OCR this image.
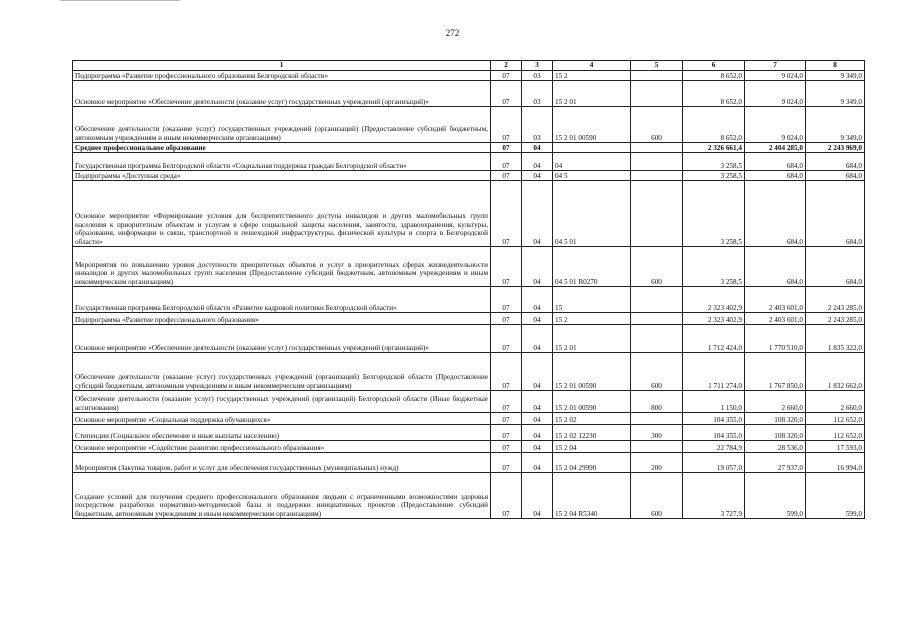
272
1	2	3	4	5	6	7	8
Подпрограмма «Развитие профессионального образования Белгородской области»	07	03	15 2		8 652,0	9 024,0	9 349,0
Основное мероприятие «Обеспечение деятельности (оказание услуг) государственных учреждений (организаций)»	07	03	15 2 01		8 652,0	9 024,0	9 349,0
Обеспечение деятельности (оказание услуг) государственных учреждений (организаций) (Предоставление субсидий бюджетным, автономным учреждениям и иным некоммерческим организациям)	07	03	15 2 01 00590	600	8 652,0	9 024,0	9 349,0
Среднее профессиональное образование	07	04			2 326 661,4	2 404 285,0	2 243 969,0
Государственная программа Белгородской области «Социальная поддержка граждан Белгородской области»	07	04	04		3 258,5	684,0	684,0
Подпрограмма «Доступная среда»	07	04	04 5		3 258,5	684,0	684,0
Основное мероприятие «Формирование условия для беспрепятственного доступа инвалидов и других маломобильных групп населения к приоритетным объектам и услугам в сфере социальной защиты населения, занятости, здравоохранения, культуры, образования, информации и связи, транспортной и пешеходной инфраструктуры, физической культуры и спорта в Белгородской области»	07	04	04 5 01		3 258,5	684,0	684,0
Мероприятия по повышению уровня доступности приоритетных объектов и услуг в приоритетных сферах жизнедеятельности инвалидов и других маломобильных групп населения (Предоставление субсидий бюджетным, автономным учреждениям и иным некоммерческим организациям)	07	04	04 5 01 R0270	600	3 258,5	684,0	684,0
Государственная программа Белгородской области «Развитие кадровой политики Белгородской области»	07	04	15		2 323 402,9	2 403 601,0	2 243 285,0
Подпрограмма «Развитие профессионального образования»	07	04	15 2		2 323 402,9	2 403 601,0	2 243 285,0
Основное мероприятие «Обеспечение деятельности (оказание услуг) государственных учреждений (организаций)»	07	04	15 2 01		1 712 424,0	1 770 510,0	1 835 322,0
Обеспечение деятельности (оказание услуг) государственных учреждений (организаций) Белгородской области (Предоставление субсидий бюджетным, автономным учреждениям и иным некоммерческим организациям)	07	04	15 2 01 00590	600	1 711 274,0	1 767 850,0	1 832 662,0
Обеспечение деятельности (оказание услуг) государственных учреждений (организаций) Белгородской области (Иные бюджетные ассигнования)	07	04	15 2 01 00590	800	1 150,0	2 660,0	2 660,0
Основное мероприятие «Социальная поддержка обучающихся»	07	04	15 2 02		104 355,0	108 320,0	112 652,0
Стипендии (Социальное обеспечение и иные выплаты населению)	07	04	15 2 02 12230	300	104 355,0	108 320,0	112 652,0
Основное мероприятие «Содействие развитию профессионального образования»	07	04	15 2 04		22 784,9	28 536,0	17 593,0
Мероприятия (Закупка товаров, работ и услуг для обеспечения государственных (муниципальных) нужд)	07	04	15 2 04 29990	200	19 057,0	27 937,0	16 994,0
Создание условий для получения среднего профессионального образования людьми с ограниченными возможностями здоровья посредством разработки нормативно-методической базы и поддержки инициативных проектов (Предоставление субсидий бюджетным, автономным учреждениям и иным некоммерческим организациям)	07	04	15 2 04 R5340	600	3 727,9	599,0	599,0
